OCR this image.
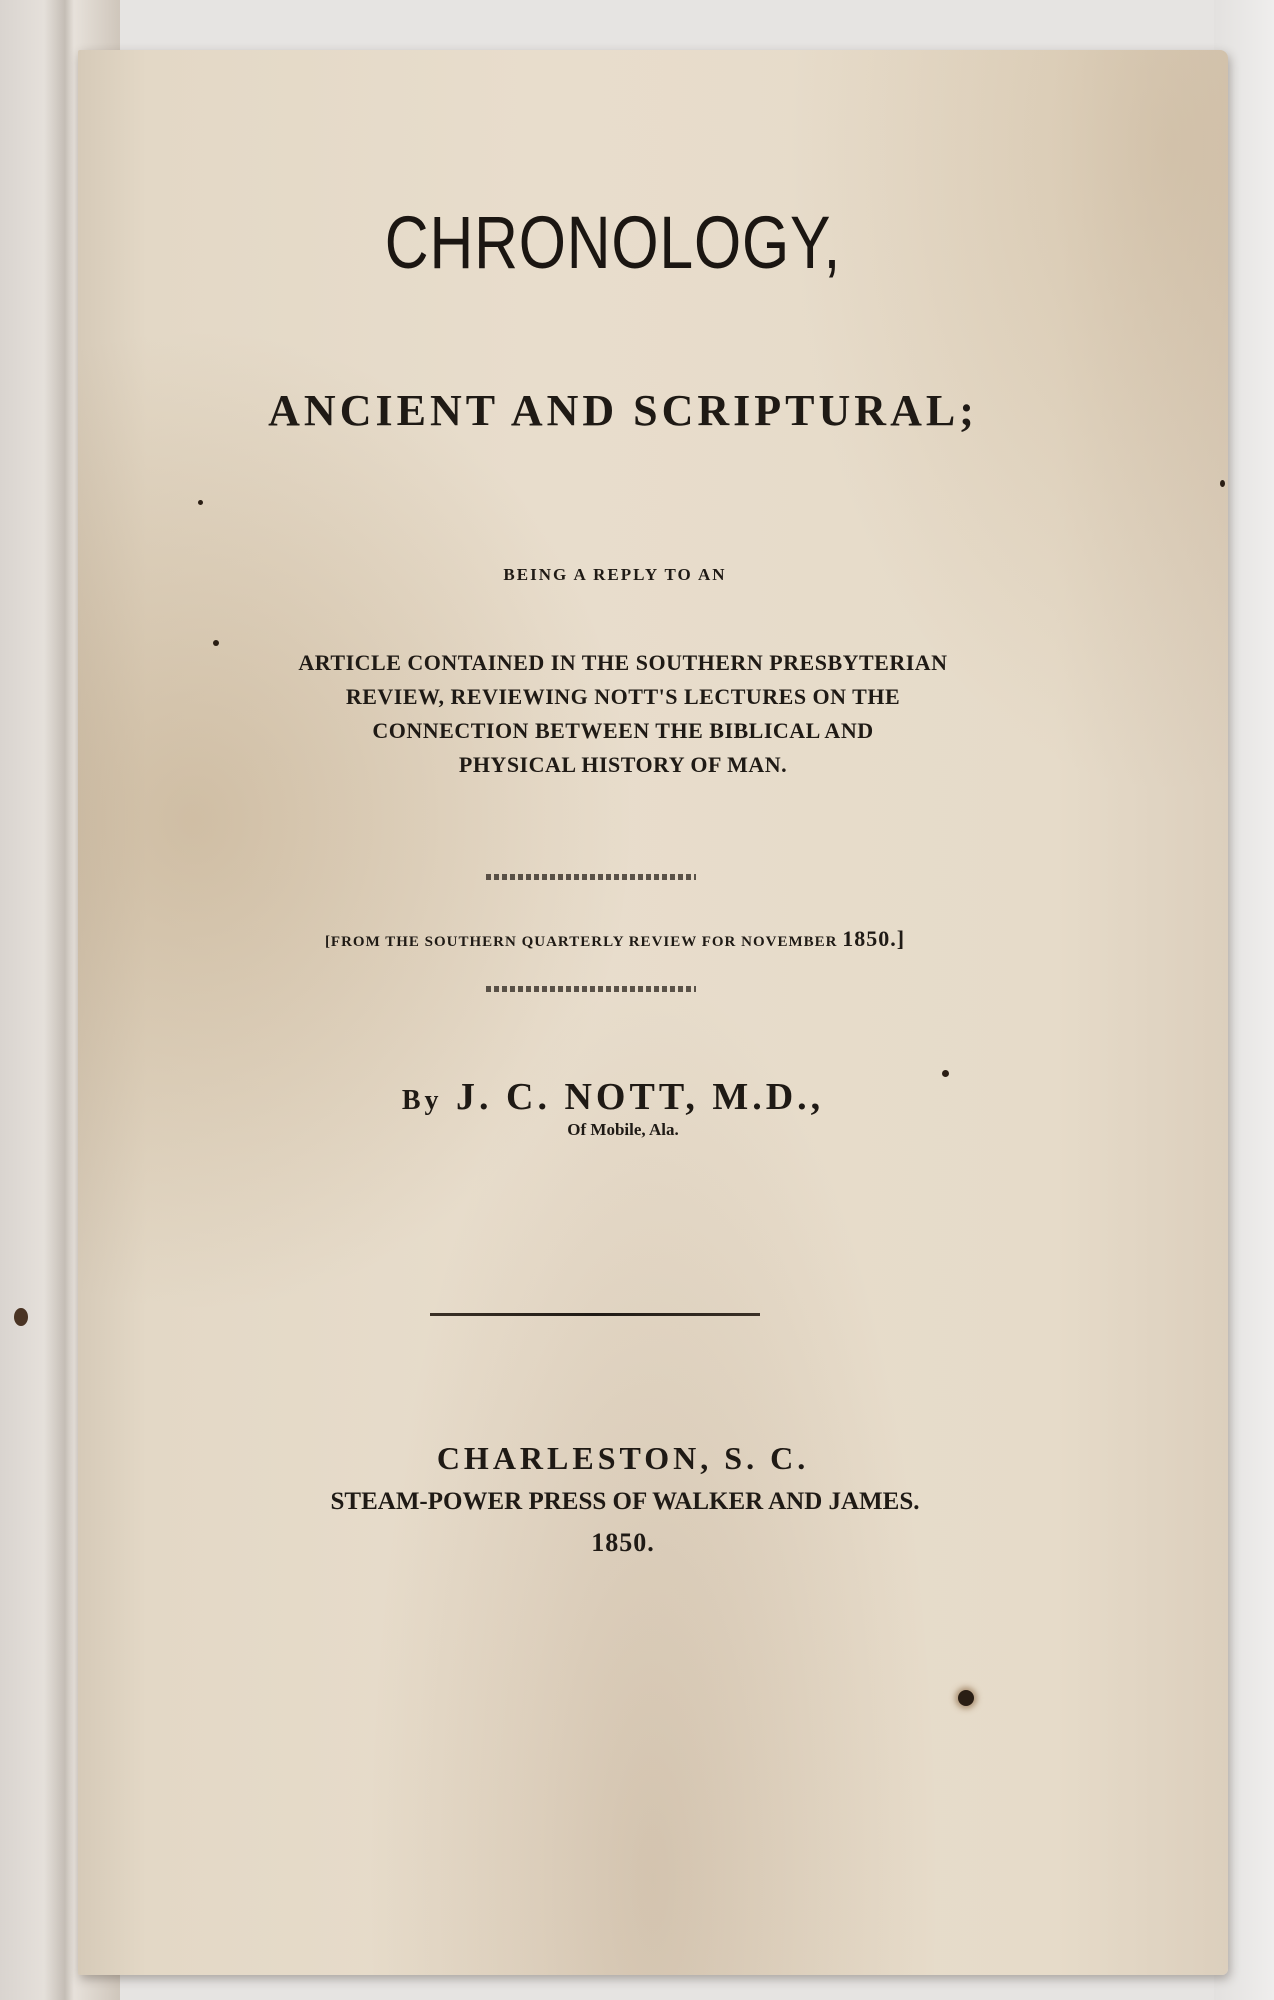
CHRONOLOGY,
ANCIENT AND SCRIPTURAL;
BEING A REPLY TO AN
ARTICLE CONTAINED IN THE SOUTHERN PRESBYTERIAN
REVIEW, REVIEWING NOTT'S LECTURES ON THE
CONNECTION BETWEEN THE BIBLICAL AND
PHYSICAL HISTORY OF MAN.
[FROM THE SOUTHERN QUARTERLY REVIEW FOR NOVEMBER 1850.]
By J. C. NOTT, M.D.,
Of Mobile, Ala.
CHARLESTON, S. C.
STEAM-POWER PRESS OF WALKER AND JAMES.
1850.
